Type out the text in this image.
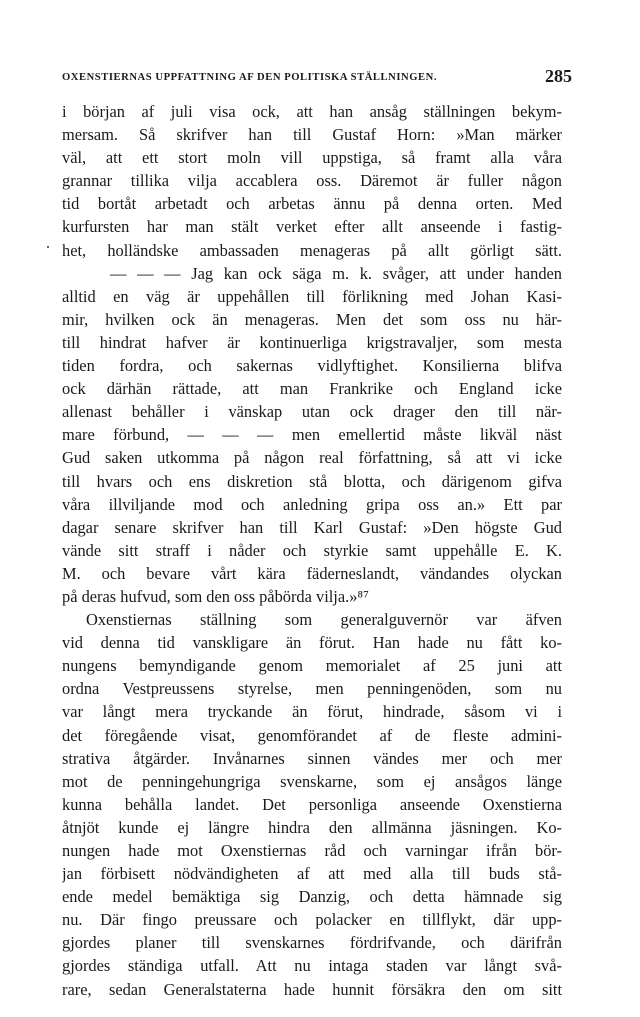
OXENSTIERNAS UPPFATTNING AF DEN POLITISKA STÄLLNINGEN.	285
i början af juli visa ock, att han ansåg ställningen bekym-
mersam. Så skrifver han till Gustaf Horn: »Man märker
väl, att ett stort moln vill uppstiga, så framt alla våra
grannar tillika vilja accablera oss. Däremot är fuller någon
tid bortåt arbetadt och arbetas ännu på denna orten. Med
kurfursten har man stält verket efter allt anseende i fastig-
het, holländske ambassaden menageras på allt görligt sätt.
— — — Jag kan ock säga m. k. svåger, att under handen
alltid en väg är uppehållen till förlikning med Johan Kasi-
mir, hvilken ock än menageras. Men det som oss nu här-
till hindrat hafver är kontinuerliga krigstravaljer, som mesta
tiden fordra, och sakernas vidlyftighet. Konsilierna blifva
ock därhän rättade, att man Frankrike och England icke
allenast behåller i vänskap utan ock drager den till när-
mare förbund, — — — men emellertid måste likväl näst
Gud saken utkomma på någon real författning, så att vi icke
till hvars och ens diskretion stå blotta, och därigenom gifva
våra illviljande mod och anledning gripa oss an.» Ett par
dagar senare skrifver han till Karl Gustaf: »Den högste Gud
vände sitt straff i nåder och styrkie samt uppehålle E. K.
M. och bevare vårt kära fäderneslandt, vändandes olyckan
på deras hufvud, som den oss påbörda vilja.»⁸⁷
Oxenstiernas ställning som generalguvernör var äfven
vid denna tid vanskligare än förut. Han hade nu fått ko-
nungens bemyndigande genom memorialet af 25 juni att
ordna Vestpreussens styrelse, men penningenöden, som nu
var långt mera tryckande än förut, hindrade, såsom vi i
det föregående visat, genomförandet af de fleste admini-
strativa åtgärder. Invånarnes sinnen vändes mer och mer
mot de penningehungriga svenskarne, som ej ansågos länge
kunna behålla landet. Det personliga anseende Oxenstierna
åtnjöt kunde ej längre hindra den allmänna jäsningen. Ko-
nungen hade mot Oxenstiernas råd och varningar ifrån bör-
jan förbisett nödvändigheten af att med alla till buds stå-
ende medel bemäktiga sig Danzig, och detta hämnade sig
nu. Där fingo preussare och polacker en tillflykt, där upp-
gjordes planer till svenskarnes fördrifvande, och därifrån
gjordes ständiga utfall. Att nu intaga staden var långt svå-
rare, sedan Generalstaterna hade hunnit försäkra den om sitt
